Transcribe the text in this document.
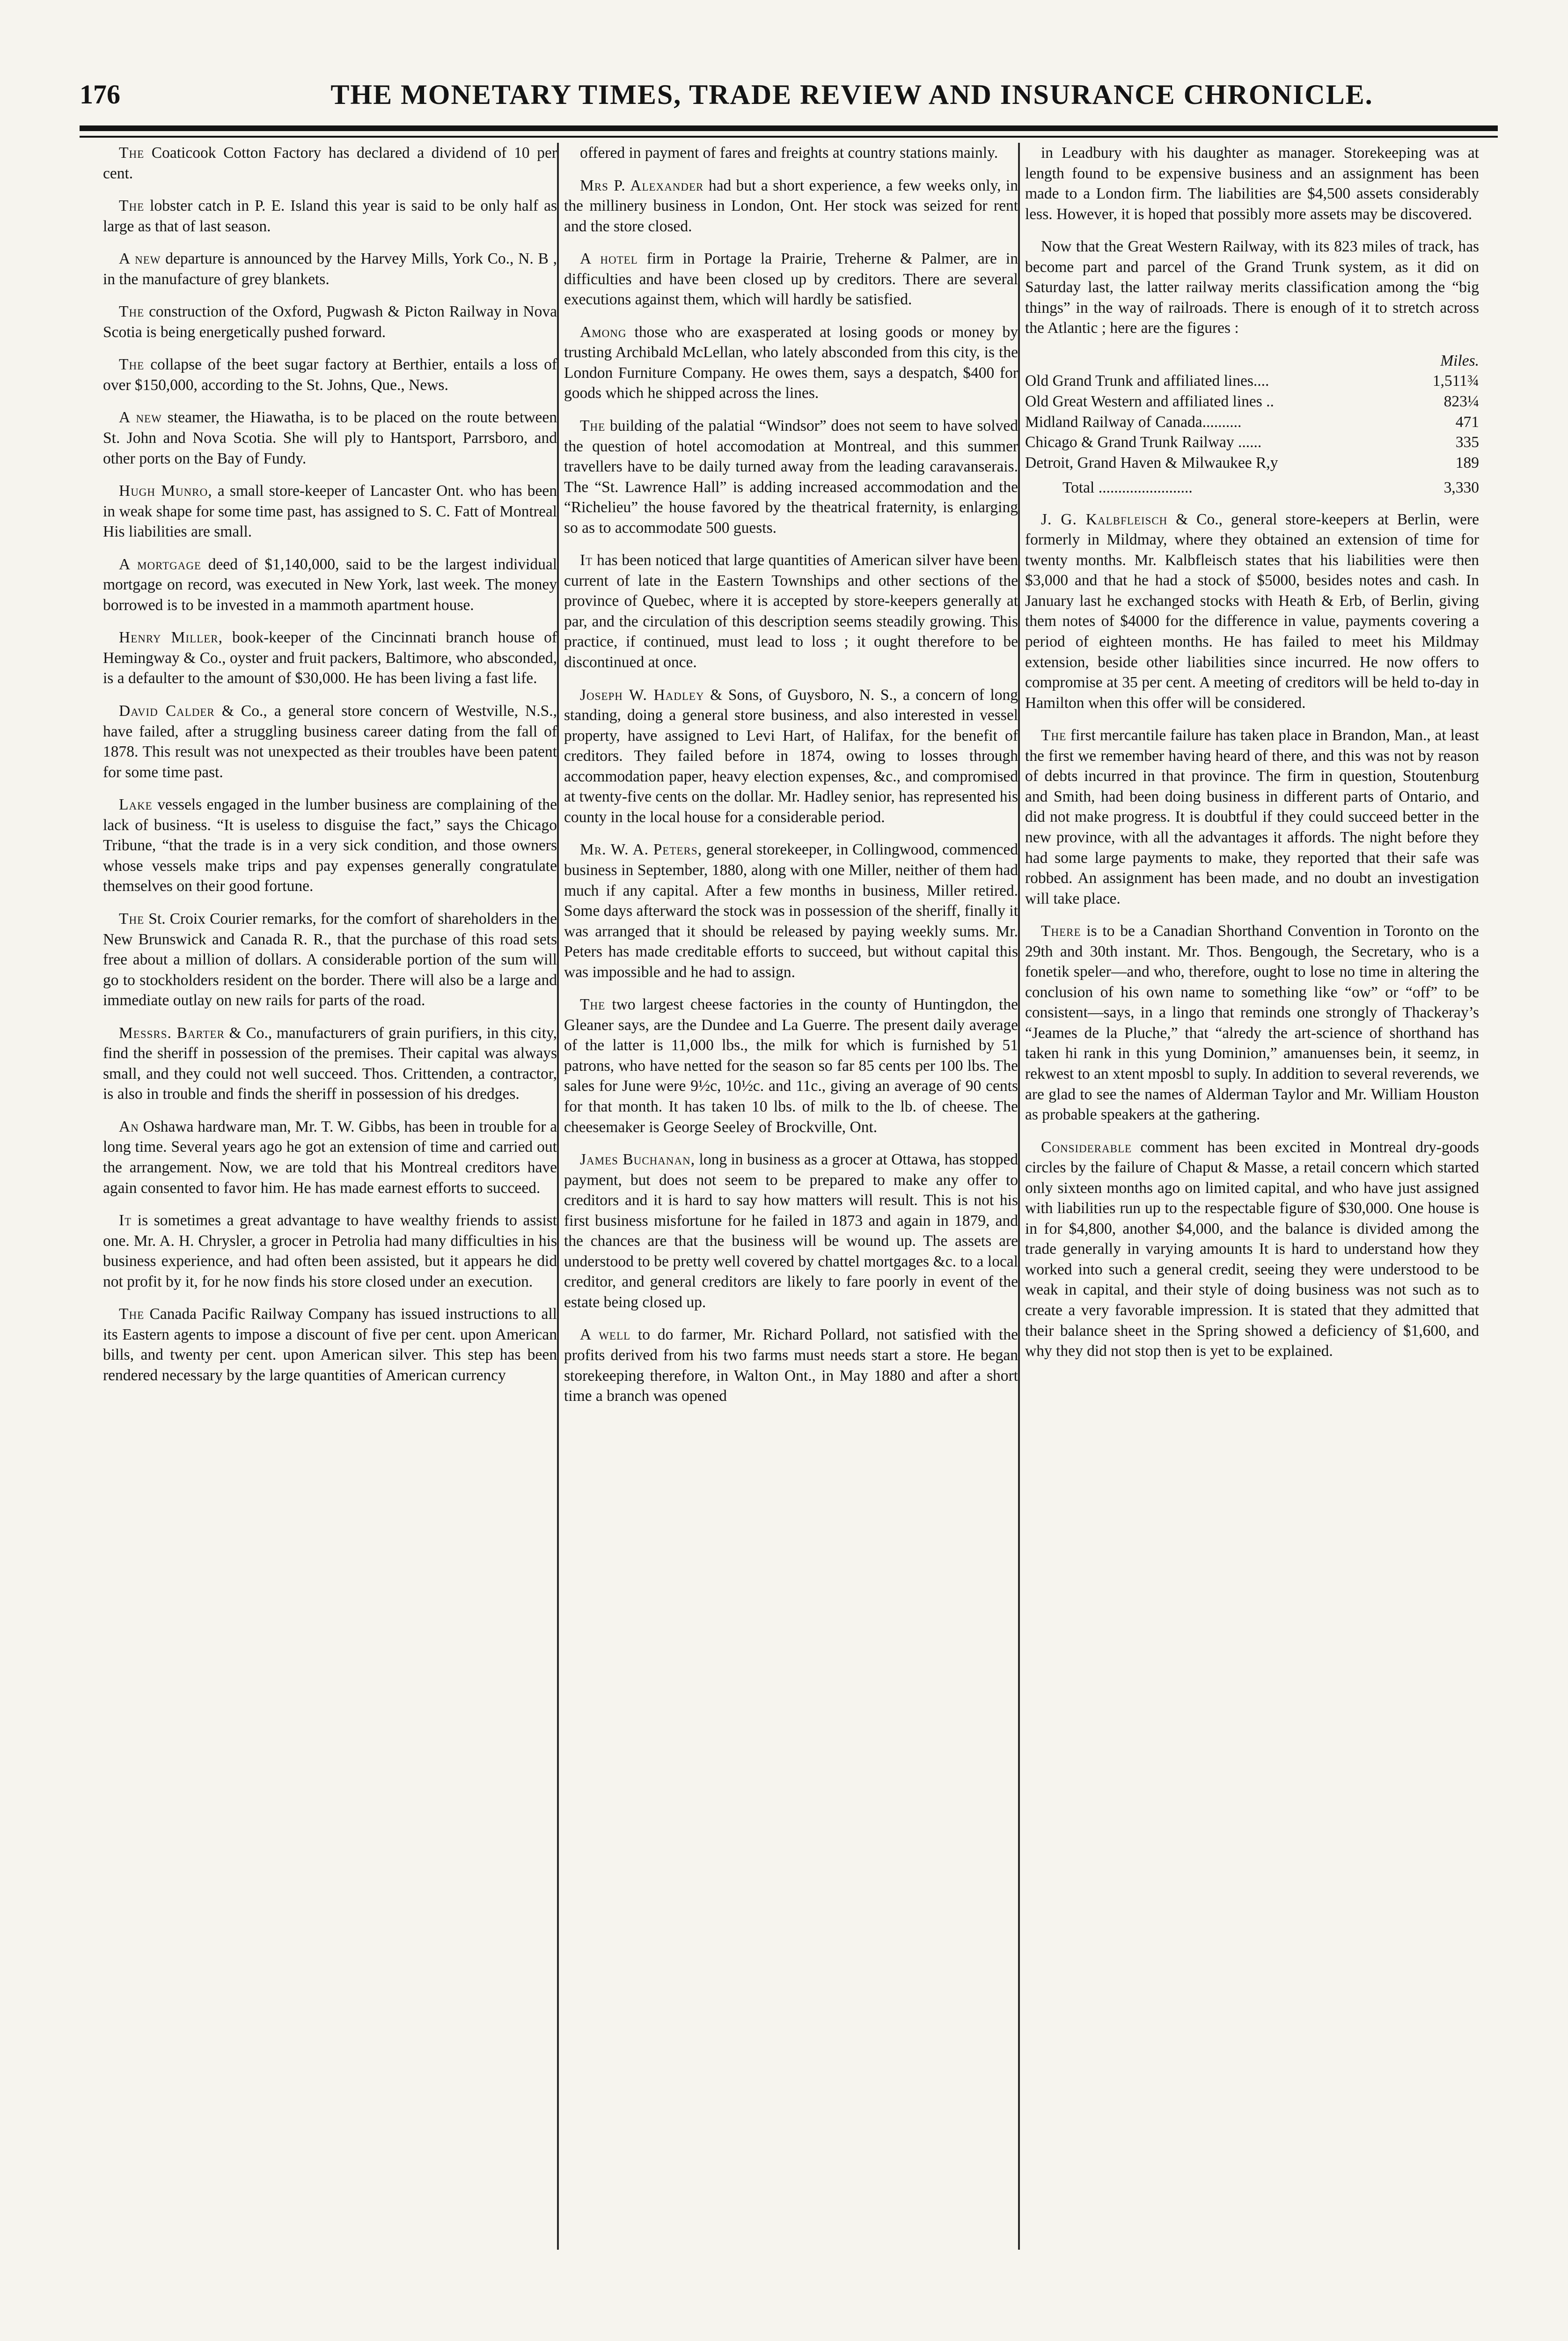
176	THE MONETARY TIMES, TRADE REVIEW AND INSURANCE CHRONICLE.

The Coaticook Cotton Factory has declared a dividend of 10 per cent.

The lobster catch in P. E. Island this year is said to be only half as large as that of last season.

A new departure is announced by the Harvey Mills, York Co., N. B , in the manufacture of grey blankets.

The construction of the Oxford, Pugwash & Picton Railway in Nova Scotia is being energetically pushed forward.

The collapse of the beet sugar factory at Berthier, entails a loss of over $150,000, according to the St. Johns, Que., News.

A new steamer, the Hiawatha, is to be placed on the route between St. John and Nova Scotia. She will ply to Hantsport, Parrsboro, and other ports on the Bay of Fundy.

Hugh Munro, a small store-keeper of Lancaster Ont. who has been in weak shape for some time past, has assigned to S. C. Fatt of Montreal His liabilities are small.

A mortgage deed of $1,140,000, said to be the largest individual mortgage on record, was executed in New York, last week. The money borrowed is to be invested in a mammoth apartment house.

Henry Miller, book-keeper of the Cincinnati branch house of Hemingway & Co., oyster and fruit packers, Baltimore, who absconded, is a defaulter to the amount of $30,000. He has been living a fast life.

David Calder & Co., a general store concern of Westville, N.S., have failed, after a struggling business career dating from the fall of 1878. This result was not unexpected as their troubles have been patent for some time past.

Lake vessels engaged in the lumber business are complaining of the lack of business. “It is useless to disguise the fact,” says the Chicago Tribune, “that the trade is in a very sick condition, and those owners whose vessels make trips and pay expenses generally congratulate themselves on their good fortune.

The St. Croix Courier remarks, for the comfort of shareholders in the New Brunswick and Canada R. R., that the purchase of this road sets free about a million of dollars. A considerable portion of the sum will go to stockholders resident on the border. There will also be a large and immediate outlay on new rails for parts of the road.

Messrs. Barter & Co., manufacturers of grain purifiers, in this city, find the sheriff in possession of the premises. Their capital was always small, and they could not well succeed. Thos. Crittenden, a contractor, is also in trouble and finds the sheriff in possession of his dredges.

An Oshawa hardware man, Mr. T. W. Gibbs, has been in trouble for a long time. Several years ago he got an extension of time and carried out the arrangement. Now, we are told that his Montreal creditors have again consented to favor him. He has made earnest efforts to succeed.

It is sometimes a great advantage to have wealthy friends to assist one. Mr. A. H. Chrysler, a grocer in Petrolia had many difficulties in his business experience, and had often been assisted, but it appears he did not profit by it, for he now finds his store closed under an execution.

The Canada Pacific Railway Company has issued instructions to all its Eastern agents to impose a discount of five per cent. upon American bills, and twenty per cent. upon American silver. This step has been rendered necessary by the large quantities of American currency

offered in payment of fares and freights at country stations mainly.

Mrs P. Alexander had but a short experience, a few weeks only, in the millinery business in London, Ont. Her stock was seized for rent and the store closed.

A hotel firm in Portage la Prairie, Treherne & Palmer, are in difficulties and have been closed up by creditors. There are several executions against them, which will hardly be satisfied.

Among those who are exasperated at losing goods or money by trusting Archibald McLellan, who lately absconded from this city, is the London Furniture Company. He owes them, says a despatch, $400 for goods which he shipped across the lines.

The building of the palatial “Windsor” does not seem to have solved the question of hotel accomodation at Montreal, and this summer travellers have to be daily turned away from the leading caravanserais. The “St. Lawrence Hall” is adding increased accommodation and the “Richelieu” the house favored by the theatrical fraternity, is enlarging so as to accommodate 500 guests.

It has been noticed that large quantities of American silver have been current of late in the Eastern Townships and other sections of the province of Quebec, where it is accepted by store-keepers generally at par, and the circulation of this description seems steadily growing. This practice, if continued, must lead to loss ; it ought therefore to be discontinued at once.

Joseph W. Hadley & Sons, of Guysboro, N. S., a concern of long standing, doing a general store business, and also interested in vessel property, have assigned to Levi Hart, of Halifax, for the benefit of creditors. They failed before in 1874, owing to losses through accommodation paper, heavy election expenses, &c., and compromised at twenty-five cents on the dollar. Mr. Hadley senior, has represented his county in the local house for a considerable period.

Mr. W. A. Peters, general storekeeper, in Collingwood, commenced business in September, 1880, along with one Miller, neither of them had much if any capital. After a few months in business, Miller retired. Some days afterward the stock was in possession of the sheriff, finally it was arranged that it should be released by paying weekly sums. Mr. Peters has made creditable efforts to succeed, but without capital this was impossible and he had to assign.

The two largest cheese factories in the county of Huntingdon, the Gleaner says, are the Dundee and La Guerre. The present daily average of the latter is 11,000 lbs., the milk for which is furnished by 51 patrons, who have netted for the season so far 85 cents per 100 lbs. The sales for June were 9½c, 10½c. and 11c., giving an average of 90 cents for that month. It has taken 10 lbs. of milk to the lb. of cheese. The cheesemaker is George Seeley of Brockville, Ont.

James Buchanan, long in business as a grocer at Ottawa, has stopped payment, but does not seem to be prepared to make any offer to creditors and it is hard to say how matters will result. This is not his first business misfortune for he failed in 1873 and again in 1879, and the chances are that the business will be wound up. The assets are understood to be pretty well covered by chattel mortgages &c. to a local creditor, and general creditors are likely to fare poorly in event of the estate being closed up.

A well to do farmer, Mr. Richard Pollard, not satisfied with the profits derived from his two farms must needs start a store. He began storekeeping therefore, in Walton Ont., in May 1880 and after a short time a branch was opened

in Leadbury with his daughter as manager. Storekeeping was at length found to be expensive business and an assignment has been made to a London firm. The liabilities are $4,500 assets considerably less. However, it is hoped that possibly more assets may be discovered.

Now that the Great Western Railway, with its 823 miles of track, has become part and parcel of the Grand Trunk system, as it did on Saturday last, the latter railway merits classification among the “big things” in the way of railroads. There is enough of it to stretch across the Atlantic ; here are the figures :

Miles.
Old Grand Trunk and affiliated lines....	1,511¾
Old Great Western and affiliated lines ..	823¼
Midland Railway of Canada..........	471
Chicago & Grand Trunk Railway ......	335
Detroit, Grand Haven & Milwaukee R,y	189
Total ........................	3,330

J. G. Kalbfleisch & Co., general store-keepers at Berlin, were formerly in Mildmay, where they obtained an extension of time for twenty months. Mr. Kalbfleisch states that his liabilities were then $3,000 and that he had a stock of $5000, besides notes and cash. In January last he exchanged stocks with Heath & Erb, of Berlin, giving them notes of $4000 for the difference in value, payments covering a period of eighteen months. He has failed to meet his Mildmay extension, beside other liabilities since incurred. He now offers to compromise at 35 per cent. A meeting of creditors will be held to-day in Hamilton when this offer will be considered.

The first mercantile failure has taken place in Brandon, Man., at least the first we remember having heard of there, and this was not by reason of debts incurred in that province. The firm in question, Stoutenburg and Smith, had been doing business in different parts of Ontario, and did not make progress. It is doubtful if they could succeed better in the new province, with all the advantages it affords. The night before they had some large payments to make, they reported that their safe was robbed. An assignment has been made, and no doubt an investigation will take place.

There is to be a Canadian Shorthand Convention in Toronto on the 29th and 30th instant. Mr. Thos. Bengough, the Secretary, who is a fonetik speler—and who, therefore, ought to lose no time in altering the conclusion of his own name to something like “ow” or “off” to be consistent—says, in a lingo that reminds one strongly of Thackeray’s “Jeames de la Pluche,” that “alredy the art-science of shorthand has taken hi rank in this yung Dominion,” amanuenses bein, it seemz, in rekwest to an xtent mposbl to suply. In addition to several reverends, we are glad to see the names of Alderman Taylor and Mr. William Houston as probable speakers at the gathering.

Considerable comment has been excited in Montreal dry-goods circles by the failure of Chaput & Masse, a retail concern which started only sixteen months ago on limited capital, and who have just assigned with liabilities run up to the respectable figure of $30,000. One house is in for $4,800, another $4,000, and the balance is divided among the trade generally in varying amounts It is hard to understand how they worked into such a general credit, seeing they were understood to be weak in capital, and their style of doing business was not such as to create a very favorable impression. It is stated that they admitted that their balance sheet in the Spring showed a deficiency of $1,600, and why they did not stop then is yet to be explained.
